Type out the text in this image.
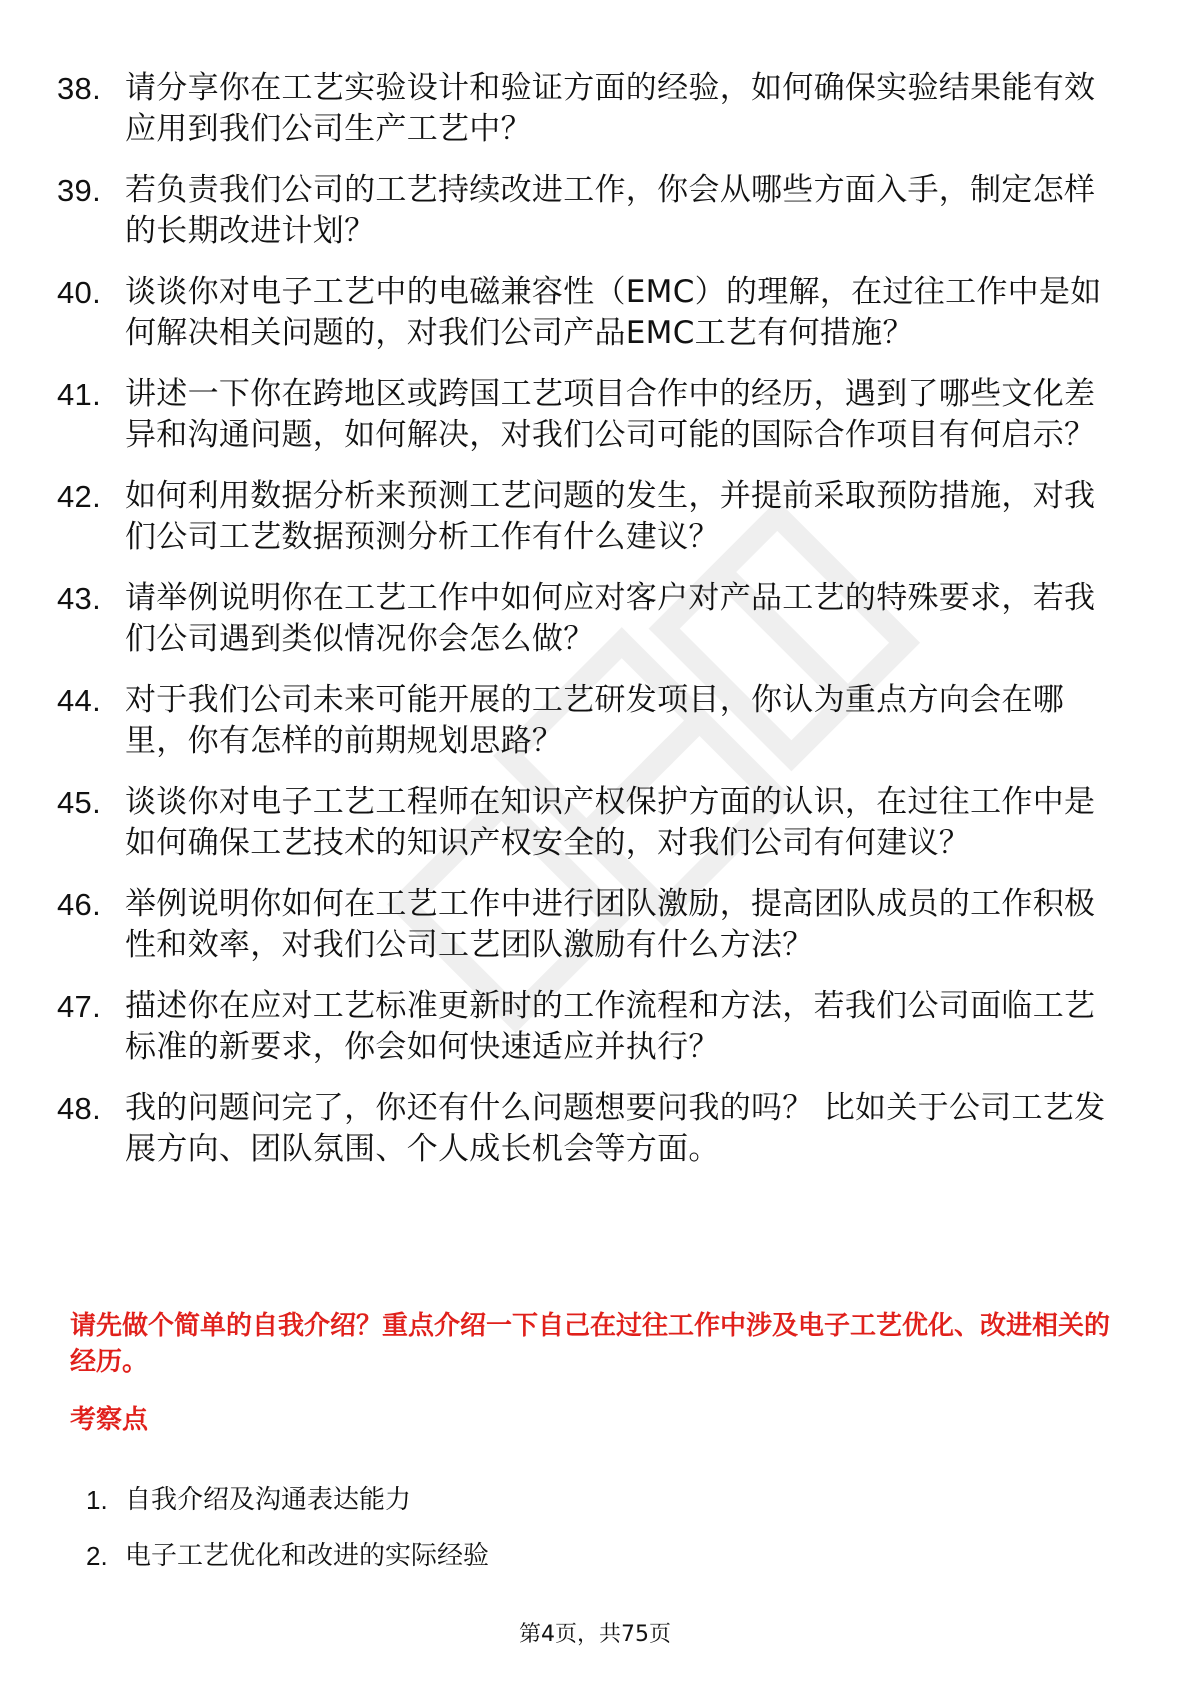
38. 请分享你在工艺实验设计和验证方面的经验，如何确保实验结果能有效应用到我们公司生产工艺中？
39. 若负责我们公司的工艺持续改进工作，你会从哪些方面入手，制定怎样的长期改进计划？
40. 谈谈你对电子工艺中的电磁兼容性（EMC）的理解，在过往工作中是如何解决相关问题的，对我们公司产品EMC工艺有何措施？
41. 讲述一下你在跨地区或跨国工艺项目合作中的经历，遇到了哪些文化差异和沟通问题，如何解决，对我们公司可能的国际合作项目有何启示？
42. 如何利用数据分析来预测工艺问题的发生，并提前采取预防措施，对我们公司工艺数据预测分析工作有什么建议？
43. 请举例说明你在工艺工作中如何应对客户对产品工艺的特殊要求，若我们公司遇到类似情况你会怎么做？
44. 对于我们公司未来可能开展的工艺研发项目，你认为重点方向会在哪里，你有怎样的前期规划思路？
45. 谈谈你对电子工艺工程师在知识产权保护方面的认识，在过往工作中是如何确保工艺技术的知识产权安全的，对我们公司有何建议？
46. 举例说明你如何在工艺工作中进行团队激励，提高团队成员的工作积极性和效率，对我们公司工艺团队激励有什么方法？
47. 描述你在应对工艺标准更新时的工作流程和方法，若我们公司面临工艺标准的新要求，你会如何快速适应并执行？
48. 我的问题问完了，你还有什么问题想要问我的吗？ 比如关于公司工艺发展方向、团队氛围、个人成长机会等方面。
请先做个简单的自我介绍？重点介绍一下自己在过往工作中涉及电子工艺优化、改进相关的经历。
考察点
1. 自我介绍及沟通表达能力
2. 电子工艺优化和改进的实际经验
第4页，共75页
